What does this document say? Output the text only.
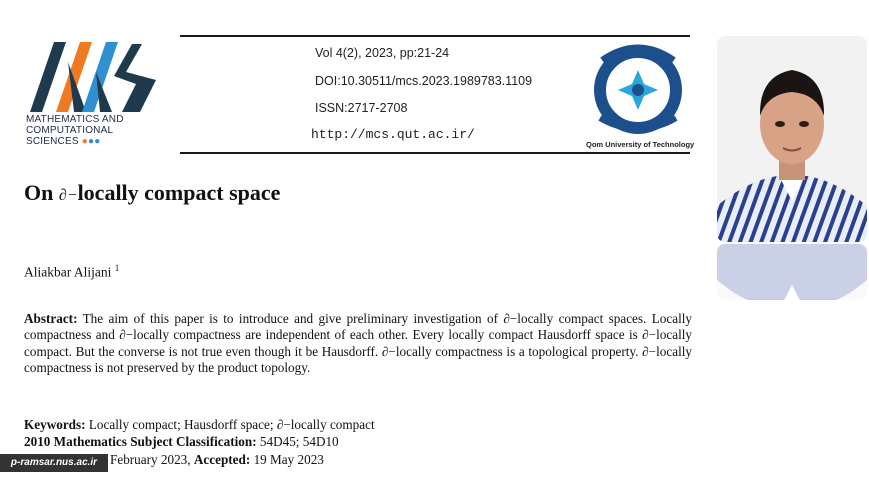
MATHEMATICS AND
COMPUTATIONAL
SCIENCES ●●●
Vol 4(2), 2023, pp:21-24
DOI:10.30511/mcs.2023.1989783.1109
ISSN:2717-2708
http://mcs.qut.ac.ir/
Qom University of Technology
On ∂−locally compact space
Aliakbar Alijani $^1$
Abstract: The aim of this paper is to introduce and give preliminary investigation of ∂−locally compact spaces. Locally compactness and ∂−locally compactness are independent of each other. Every locally compact Hausdorff space is ∂−locally compact. But the converse is not true even though it be Hausdorff. ∂−locally compactness is a topological property. ∂−locally compactness is not preserved by the product topology.
Keywords: Locally compact; Hausdorff space; ∂−locally compact
2010 Mathematics Subject Classification: 54D45; 54D10
February 2023, Accepted: 19 May 2023
p-ramsar.nus.ac.ir
